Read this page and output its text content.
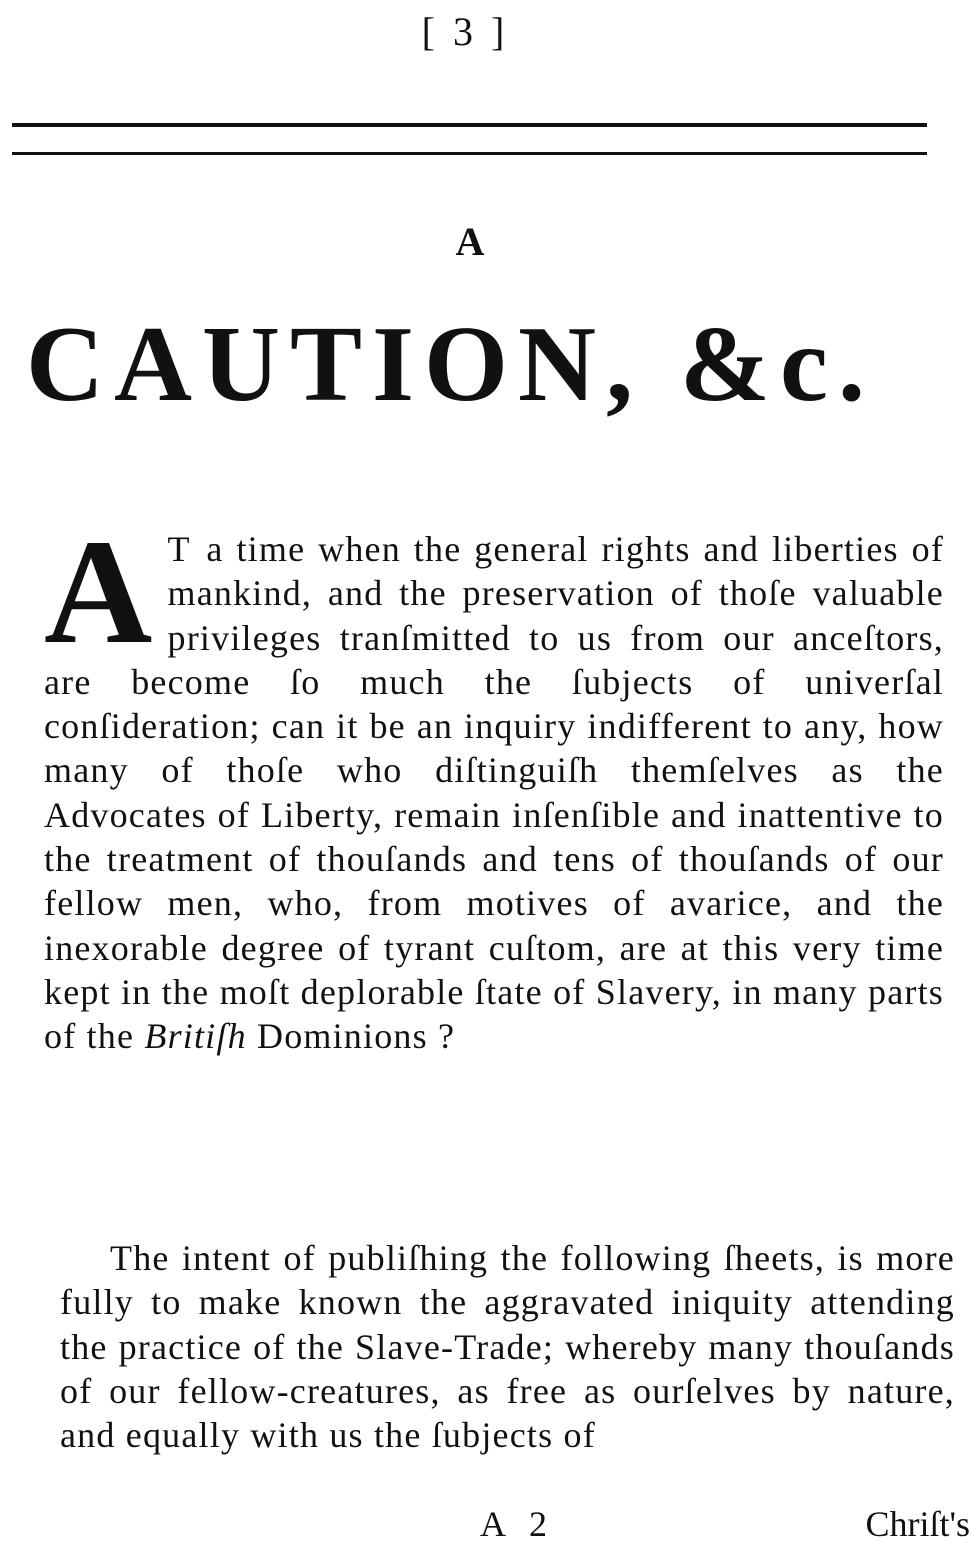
[ 3 ]
A
CAUTION, &c.
A T a time when the general rights and liberties of mankind, and the preservation of thoſe valuable privileges tranſmitted to us from our anceſtors, are become ſo much the ſubjects of univerſal conſideration; can it be an inquiry indifferent to any, how many of thoſe who diſtinguiſh themſelves as the Advocates of Liberty, remain inſenſible and inattentive to the treatment of thouſands and tens of thouſands of our fellow men, who, from motives of avarice, and the inexorable degree of tyrant cuſtom, are at this very time kept in the moſt deplorable ſtate of Slavery, in many parts of the Britiſh Dominions ?
The intent of publiſhing the following ſheets, is more fully to make known the aggravated iniquity attending the practice of the Slave-Trade; whereby many thouſands of our fellow-creatures, as free as ourſelves by nature, and equally with us the ſubjects of
A 2	Chriſt's
